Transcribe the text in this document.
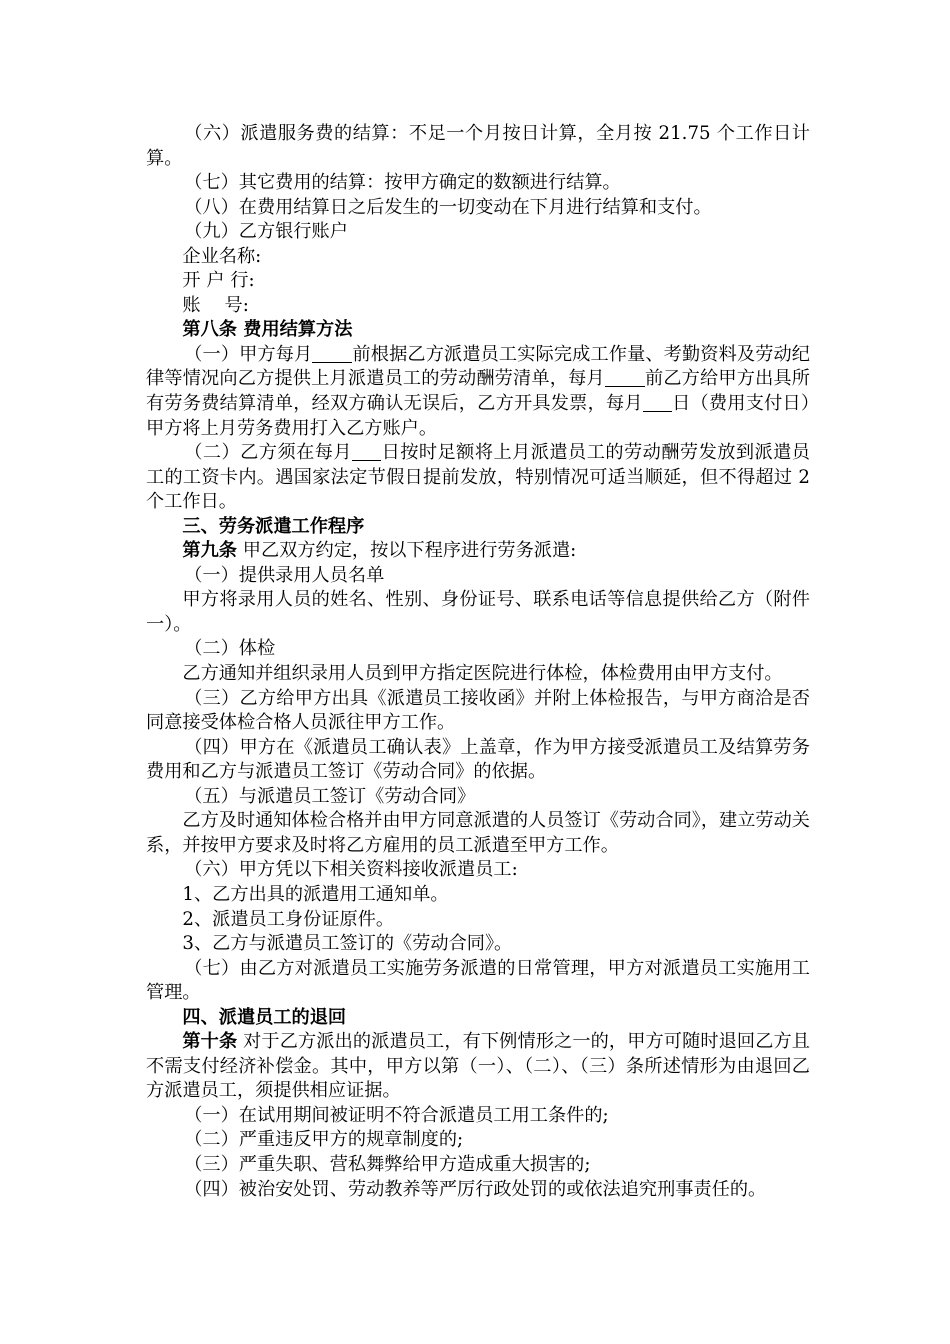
（六）派遣服务费的结算：不足一个月按日计算，全月按 21.75 个工作日计算。

（七）其它费用的结算：按甲方确定的数额进行结算。

（八）在费用结算日之后发生的一切变动在下月进行结算和支付。

（九）乙方银行账户

企业名称:

开 户 行:

账　 号:

第八条 费用结算方法

（一）甲方每月 前根据乙方派遣员工实际完成工作量、考勤资料及劳动纪律等情况向乙方提供上月派遣员工的劳动酬劳清单，每月 前乙方给甲方出具所有劳务费结算清单，经双方确认无误后，乙方开具发票，每月 日（费用支付日）甲方将上月劳务费用打入乙方账户。

（二）乙方须在每月 日按时足额将上月派遣员工的劳动酬劳发放到派遣员工的工资卡内。遇国家法定节假日提前发放，特别情况可适当顺延，但不得超过 2 个工作日。

三、劳务派遣工作程序

第九条 甲乙双方约定，按以下程序进行劳务派遣:

（一）提供录用人员名单

甲方将录用人员的姓名、性别、身份证号、联系电话等信息提供给乙方（附件一）。

（二）体检

乙方通知并组织录用人员到甲方指定医院进行体检，体检费用由甲方支付。

（三）乙方给甲方出具《派遣员工接收函》并附上体检报告，与甲方商洽是否同意接受体检合格人员派往甲方工作。

（四）甲方在《派遣员工确认表》上盖章，作为甲方接受派遣员工及结算劳务费用和乙方与派遣员工签订《劳动合同》的依据。

（五）与派遣员工签订《劳动合同》

乙方及时通知体检合格并由甲方同意派遣的人员签订《劳动合同》，建立劳动关系，并按甲方要求及时将乙方雇用的员工派遣至甲方工作。

（六）甲方凭以下相关资料接收派遣员工:

1、乙方出具的派遣用工通知单。

2、派遣员工身份证原件。

3、乙方与派遣员工签订的《劳动合同》。

（七）由乙方对派遣员工实施劳务派遣的日常管理，甲方对派遣员工实施用工管理。

四、派遣员工的退回

第十条 对于乙方派出的派遣员工，有下例情形之一的，甲方可随时退回乙方且不需支付经济补偿金。其中，甲方以第（一）、（二）、（三）条所述情形为由退回乙方派遣员工，须提供相应证据。

（一）在试用期间被证明不符合派遣员工用工条件的;

（二）严重违反甲方的规章制度的;

（三）严重失职、营私舞弊给甲方造成重大损害的;

（四）被治安处罚、劳动教养等严厉行政处罚的或依法追究刑事责任的。
